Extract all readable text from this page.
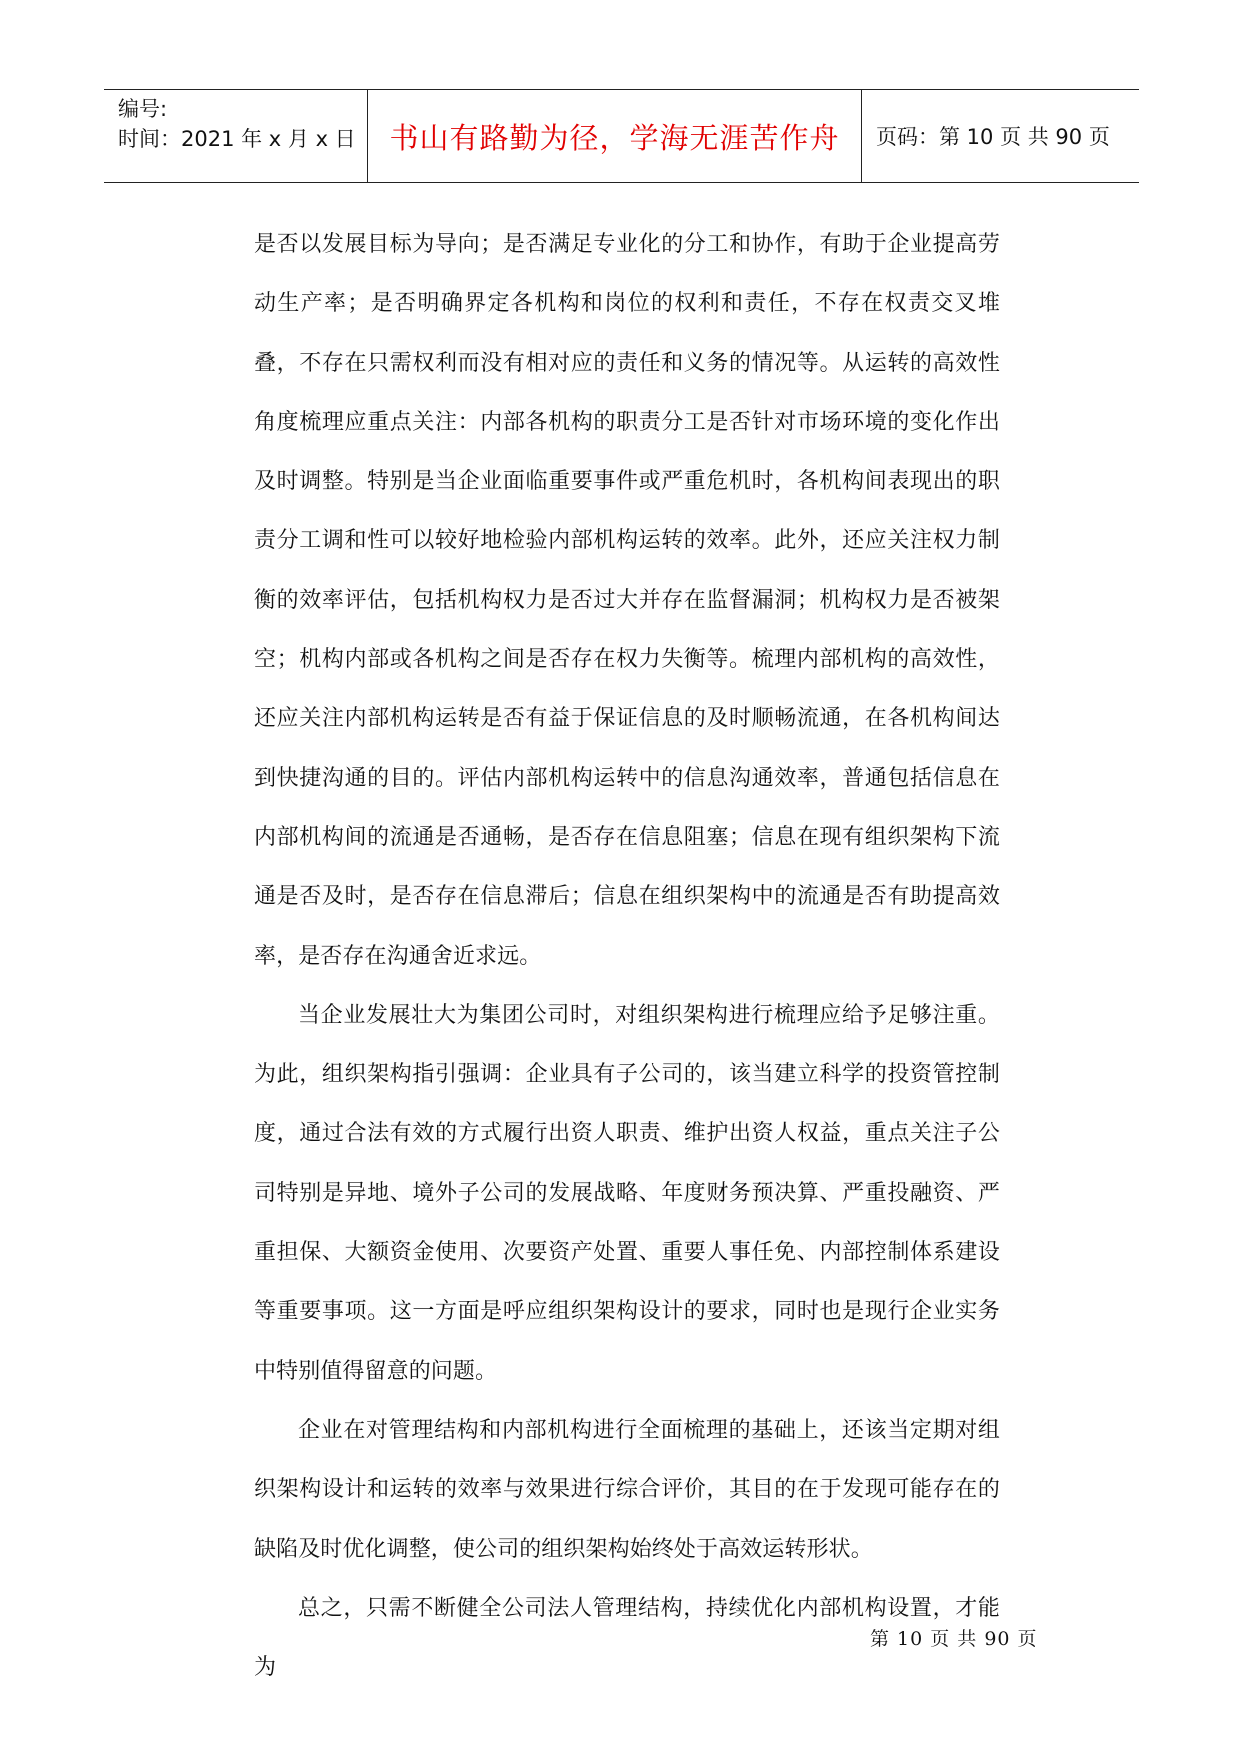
编号:
时间：2021 年 x 月 x 日	书山有路勤为径，学海无涯苦作舟	页码：第 10 页 共 90 页

是否以发展目标为导向；是否满足专业化的分工和协作，有助于企业提高劳动生产率；是否明确界定各机构和岗位的权利和责任，不存在权责交叉堆叠，不存在只需权利而没有相对应的责任和义务的情况等。从运转的高效性角度梳理应重点关注：内部各机构的职责分工是否针对市场环境的变化作出及时调整。特别是当企业面临重要事件或严重危机时，各机构间表现出的职责分工调和性可以较好地检验内部机构运转的效率。此外，还应关注权力制衡的效率评估，包括机构权力是否过大并存在监督漏洞；机构权力是否被架空；机构内部或各机构之间是否存在权力失衡等。梳理内部机构的高效性，还应关注内部机构运转是否有益于保证信息的及时顺畅流通，在各机构间达到快捷沟通的目的。评估内部机构运转中的信息沟通效率，普通包括信息在内部机构间的流通是否通畅，是否存在信息阻塞；信息在现有组织架构下流通是否及时，是否存在信息滞后；信息在组织架构中的流通是否有助提高效率，是否存在沟通舍近求远。

当企业发展壮大为集团公司时，对组织架构进行梳理应给予足够注重。为此，组织架构指引强调：企业具有子公司的，该当建立科学的投资管控制度，通过合法有效的方式履行出资人职责、维护出资人权益，重点关注子公司特别是异地、境外子公司的发展战略、年度财务预决算、严重投融资、严重担保、大额资金使用、次要资产处置、重要人事任免、内部控制体系建设等重要事项。这一方面是呼应组织架构设计的要求，同时也是现行企业实务中特别值得留意的问题。

企业在对管理结构和内部机构进行全面梳理的基础上，还该当定期对组织架构设计和运转的效率与效果进行综合评价，其目的在于发现可能存在的缺陷及时优化调整，使公司的组织架构始终处于高效运转形状。

总之，只需不断健全公司法人管理结构，持续优化内部机构设置，才能为

第 10 页 共 90 页
